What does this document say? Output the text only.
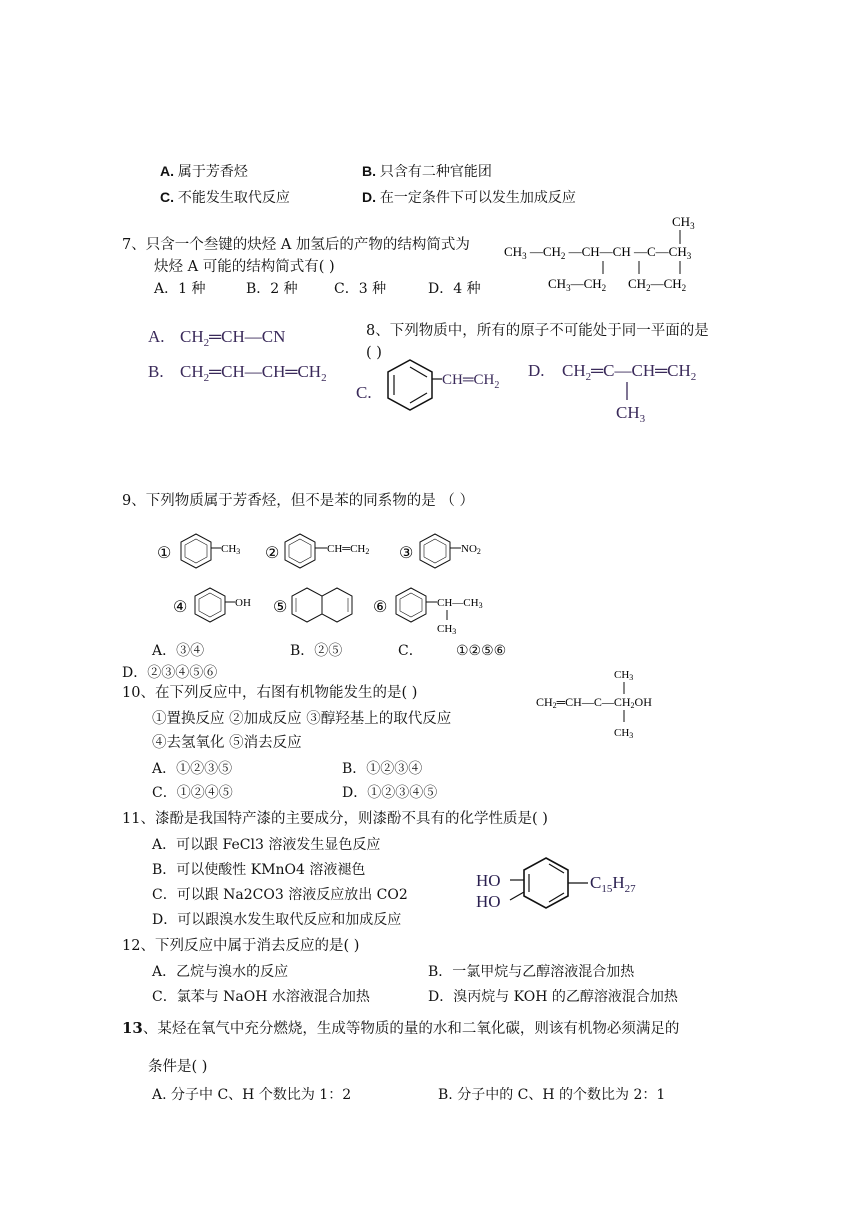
A. 属于芳香烃	B. 只含有二种官能团
C. 不能发生取代反应	D. 在一定条件下可以发生加成反应
7、只含一个叁键的炔烃 A 加氢后的产物的结构简式为
炔烃 A 可能的结构简式有( )
A．1 种	B．2 种	C．3 种	D．4 种
$CH_3$
$CH_3$ $—CH_2$ —CH—CH $—C—CH_3$
$CH_3—CH_2$ $CH_2—CH_2$
8、下列物质中，所有的原子不可能处于同一平面的是
( )
A. $CH_2═CH—CN$
B. $CH_2═CH—CH═CH_2$
C.
$CH═CH_2$
D. $CH_2═C—CH═CH_2$
$CH_3$
9、下列物质属于芳香烃，但不是苯的同系物的是 （ ）
①	CH3 ②	CH═CH2 ③	NO2
④	OH ⑤	⑥	CH—CH3
CH3
A．③④	B．②⑤	C． ①②⑤⑥
D．②③④⑤⑥
10、在下列反应中，右图有机物能发生的是( )
①置换反应 ②加成反应 ③醇羟基上的取代反应
④去氢氧化 ⑤消去反应
A．①②③⑤	B．①②③④
C．①②④⑤	D．①②③④⑤
CH3
CH2═CH—C—CH2OH
CH3
11、漆酚是我国特产漆的主要成分，则漆酚不具有的化学性质是( )
A．可以跟 FeCl3 溶液发生显色反应
B．可以使酸性 KMnO4 溶液褪色
C．可以跟 Na2CO3 溶液反应放出 CO2
D．可以跟溴水发生取代反应和加成反应
HO
HO
$C_{15}H_{27}$
12、下列反应中属于消去反应的是( )
A．乙烷与溴水的反应	B．一氯甲烷与乙醇溶液混合加热
C．氯苯与 NaOH 水溶液混合加热	D．溴丙烷与 KOH 的乙醇溶液混合加热
13、某烃在氧气中充分燃烧，生成等物质的量的水和二氧化碳，则该有机物必须满足的
条件是( )
A. 分子中 C、H 个数比为 1：2	B. 分子中的 C、H 的个数比为 2：1
